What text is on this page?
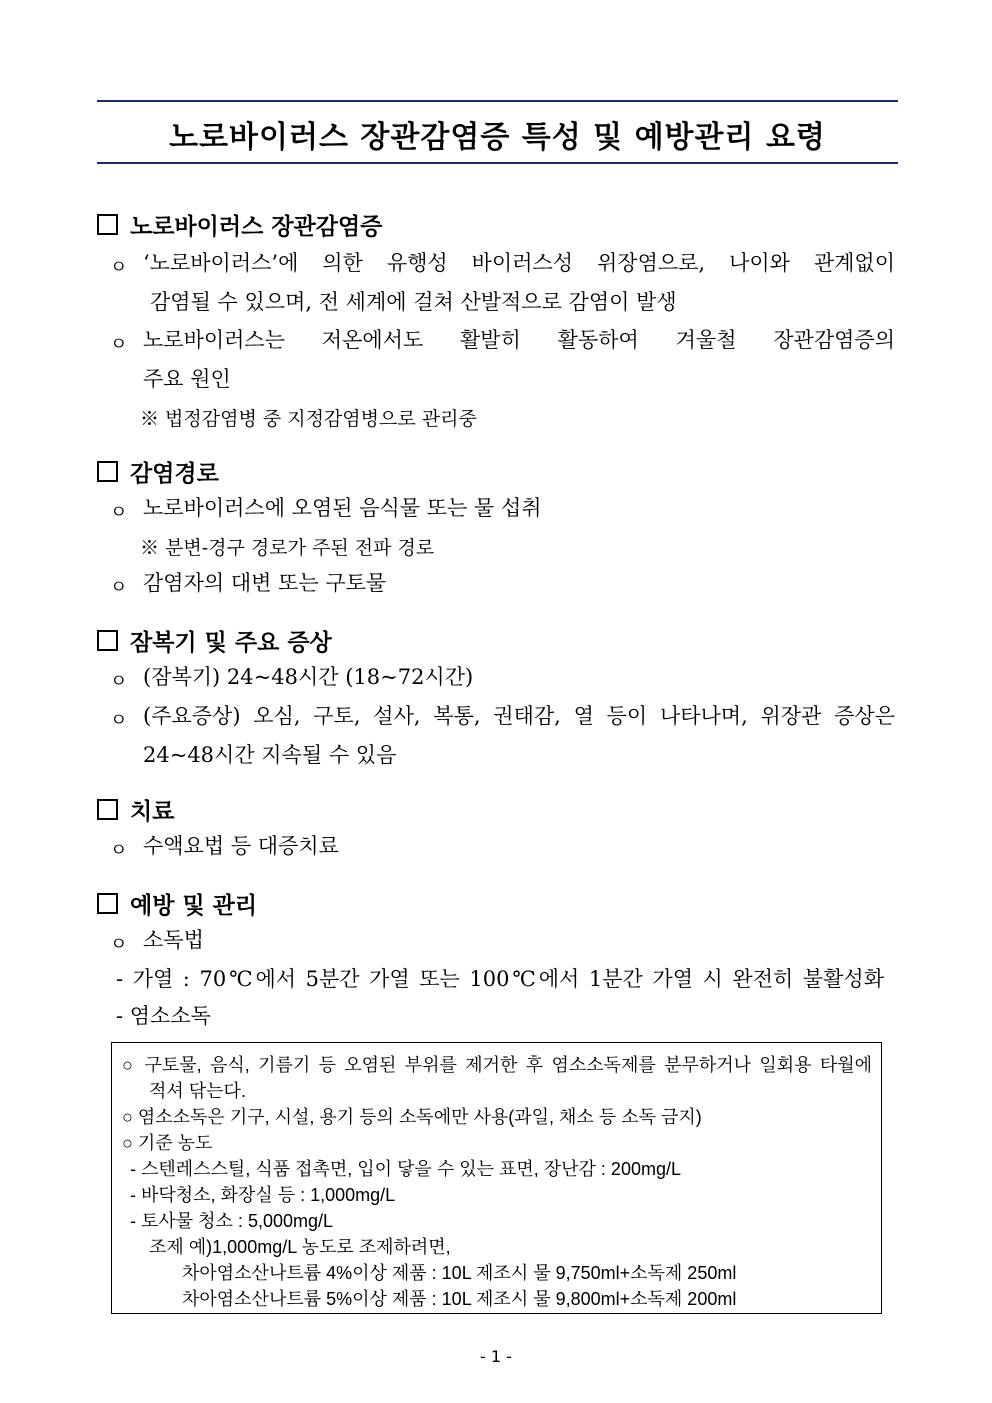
노로바이러스 장관감염증 특성 및 예방관리 요령
노로바이러스 장관감염증
ㅇ ‘노로바이러스’에 의한 유행성 바이러스성 위장염으로, 나이와 관계없이
감염될 수 있으며, 전 세계에 걸쳐 산발적으로 감염이 발생
ㅇ 노로바이러스는 저온에서도 활발히 활동하여 겨울철 장관감염증의
주요 원인
※ 법정감염병 중 지정감염병으로 관리중
감염경로
ㅇ 노로바이러스에 오염된 음식물 또는 물 섭취
※ 분변-경구 경로가 주된 전파 경로
ㅇ 감염자의 대변 또는 구토물
잠복기 및 주요 증상
ㅇ (잠복기) 24~48시간 (18~72시간)
ㅇ (주요증상) 오심, 구토, 설사, 복통, 권태감, 열 등이 나타나며, 위장관 증상은
24~48시간 지속될 수 있음
치료
ㅇ 수액요법 등 대증치료
예방 및 관리
ㅇ 소독법
- 가열 : 70℃에서 5분간 가열 또는 100℃에서 1분간 가열 시 완전히 불활성화
- 염소소독
○ 구토물, 음식, 기름기 등 오염된 부위를 제거한 후 염소소독제를 분무하거나 일회용 타월에
적셔 닦는다.
○ 염소소독은 기구, 시설, 용기 등의 소독에만 사용(과일, 채소 등 소독 금지)
○ 기준 농도
- 스텐레스스틸, 식품 접촉면, 입이 닿을 수 있는 표면, 장난감 : 200mg/L
- 바닥청소, 화장실 등 : 1,000mg/L
- 토사물 청소 : 5,000mg/L
조제 예)1,000mg/L 농도로 조제하려면,
차아염소산나트륨 4%이상 제품 : 10L 제조시 물 9,750ml+소독제 250ml
차아염소산나트륨 5%이상 제품 : 10L 제조시 물 9,800ml+소독제 200ml
- 1 -
